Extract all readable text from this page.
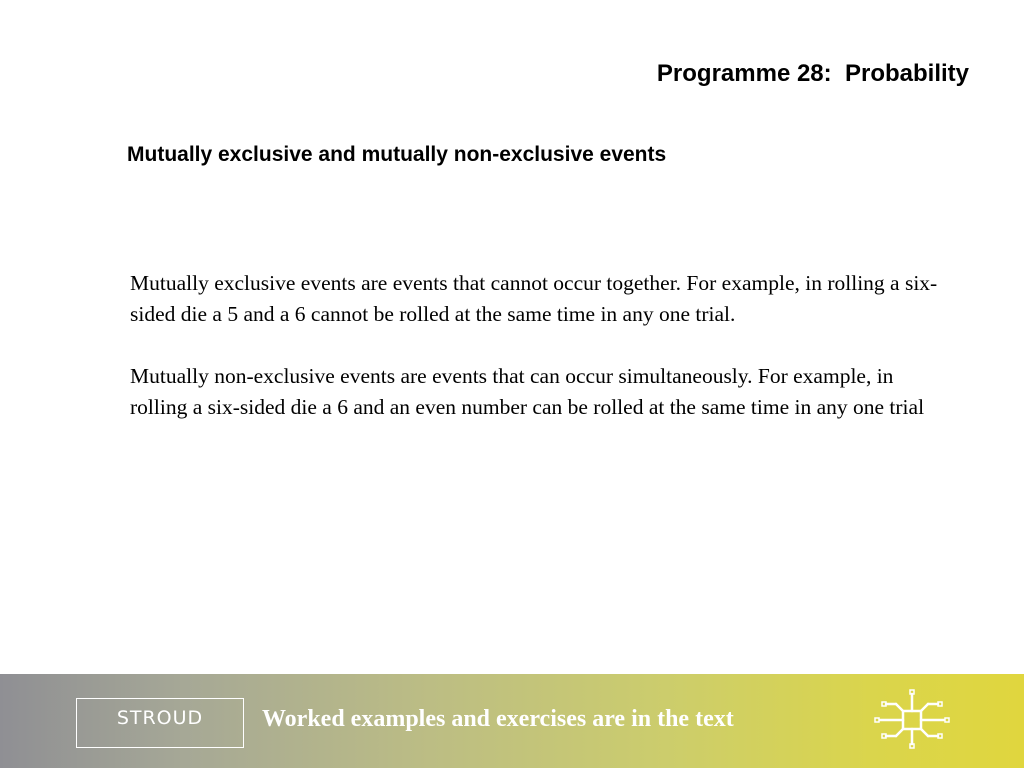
Programme 28:  Probability
Mutually exclusive and mutually non-exclusive events

Mutually exclusive events are events that cannot occur together. For example, in rolling a six-sided die a 5 and a 6 cannot be rolled at the same time in any one trial.

Mutually non-exclusive events are events that can occur simultaneously. For example, in rolling a six-sided die a 6 and an even number can be rolled at the same time in any one trial

STROUD	Worked examples and exercises are in the text
